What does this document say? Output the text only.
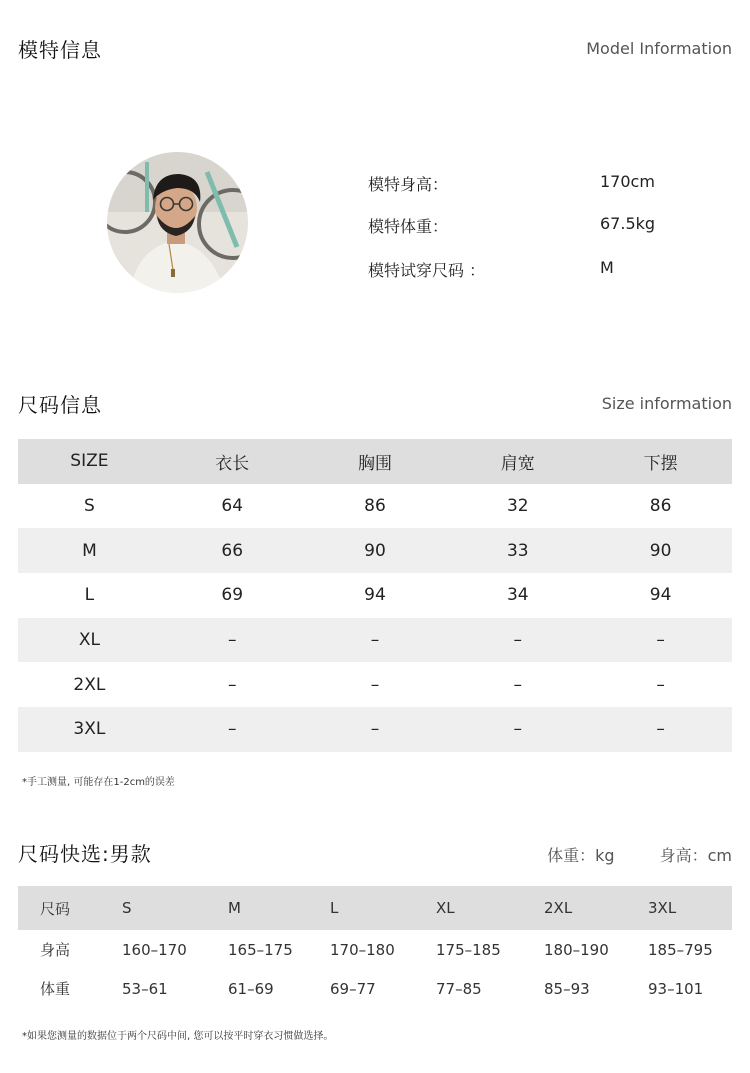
模特信息	Model Information
模特身高：	170cm
模特体重：	67.5kg
模特试穿尺码 ：	M
尺码信息	Size information
SIZE	衣长	胸围	肩宽	下摆
S	64	86	32	86
M	66	90	33	90
L	69	94	34	94
XL	–	–	–	–
2XL	–	–	–	–
3XL	–	–	–	–
*手工测量, 可能存在1-2cm的误差
尺码快选:男款	体重：kg	身高：cm
尺码	S	M	L	XL	2XL	3XL
身高	160–170	165–175	170–180	175–185	180–190	185–795
体重	53–61	61–69	69–77	77–85	85–93	93–101
*如果您测量的数据位于两个尺码中间, 您可以按平时穿衣习惯做选择。
